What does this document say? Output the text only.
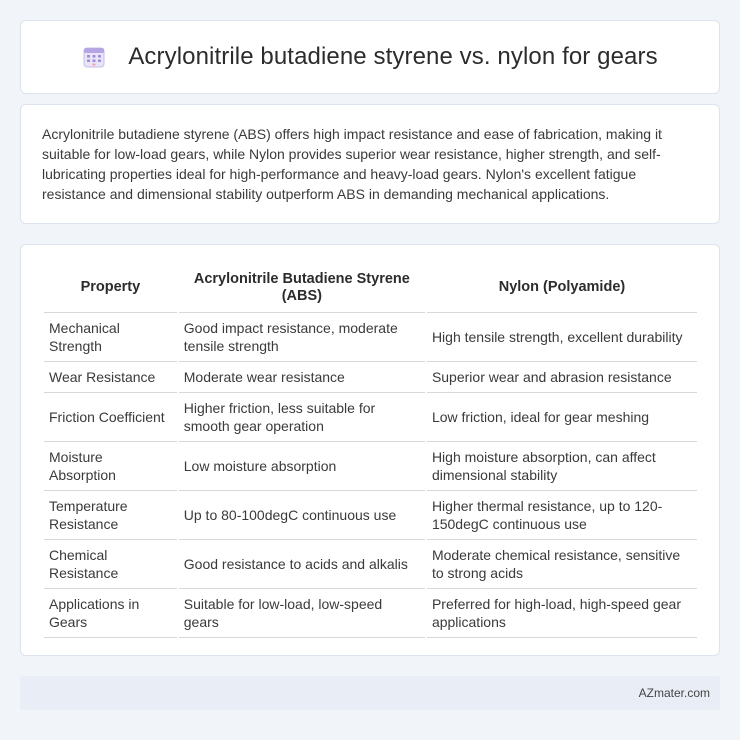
Acrylonitrile butadiene styrene vs. nylon for gears

Acrylonitrile butadiene styrene (ABS) offers high impact resistance and ease of fabrication, making it suitable for low-load gears, while Nylon provides superior wear resistance, higher strength, and self-lubricating properties ideal for high-performance and heavy-load gears. Nylon's excellent fatigue resistance and dimensional stability outperform ABS in demanding mechanical applications.

Property	Acrylonitrile Butadiene Styrene (ABS)	Nylon (Polyamide)
Mechanical Strength	Good impact resistance, moderate tensile strength	High tensile strength, excellent durability
Wear Resistance	Moderate wear resistance	Superior wear and abrasion resistance
Friction Coefficient	Higher friction, less suitable for smooth gear operation	Low friction, ideal for gear meshing
Moisture Absorption	Low moisture absorption	High moisture absorption, can affect dimensional stability
Temperature Resistance	Up to 80-100degC continuous use	Higher thermal resistance, up to 120-150degC continuous use
Chemical Resistance	Good resistance to acids and alkalis	Moderate chemical resistance, sensitive to strong acids
Applications in Gears	Suitable for low-load, low-speed gears	Preferred for high-load, high-speed gear applications
AZmater.com
